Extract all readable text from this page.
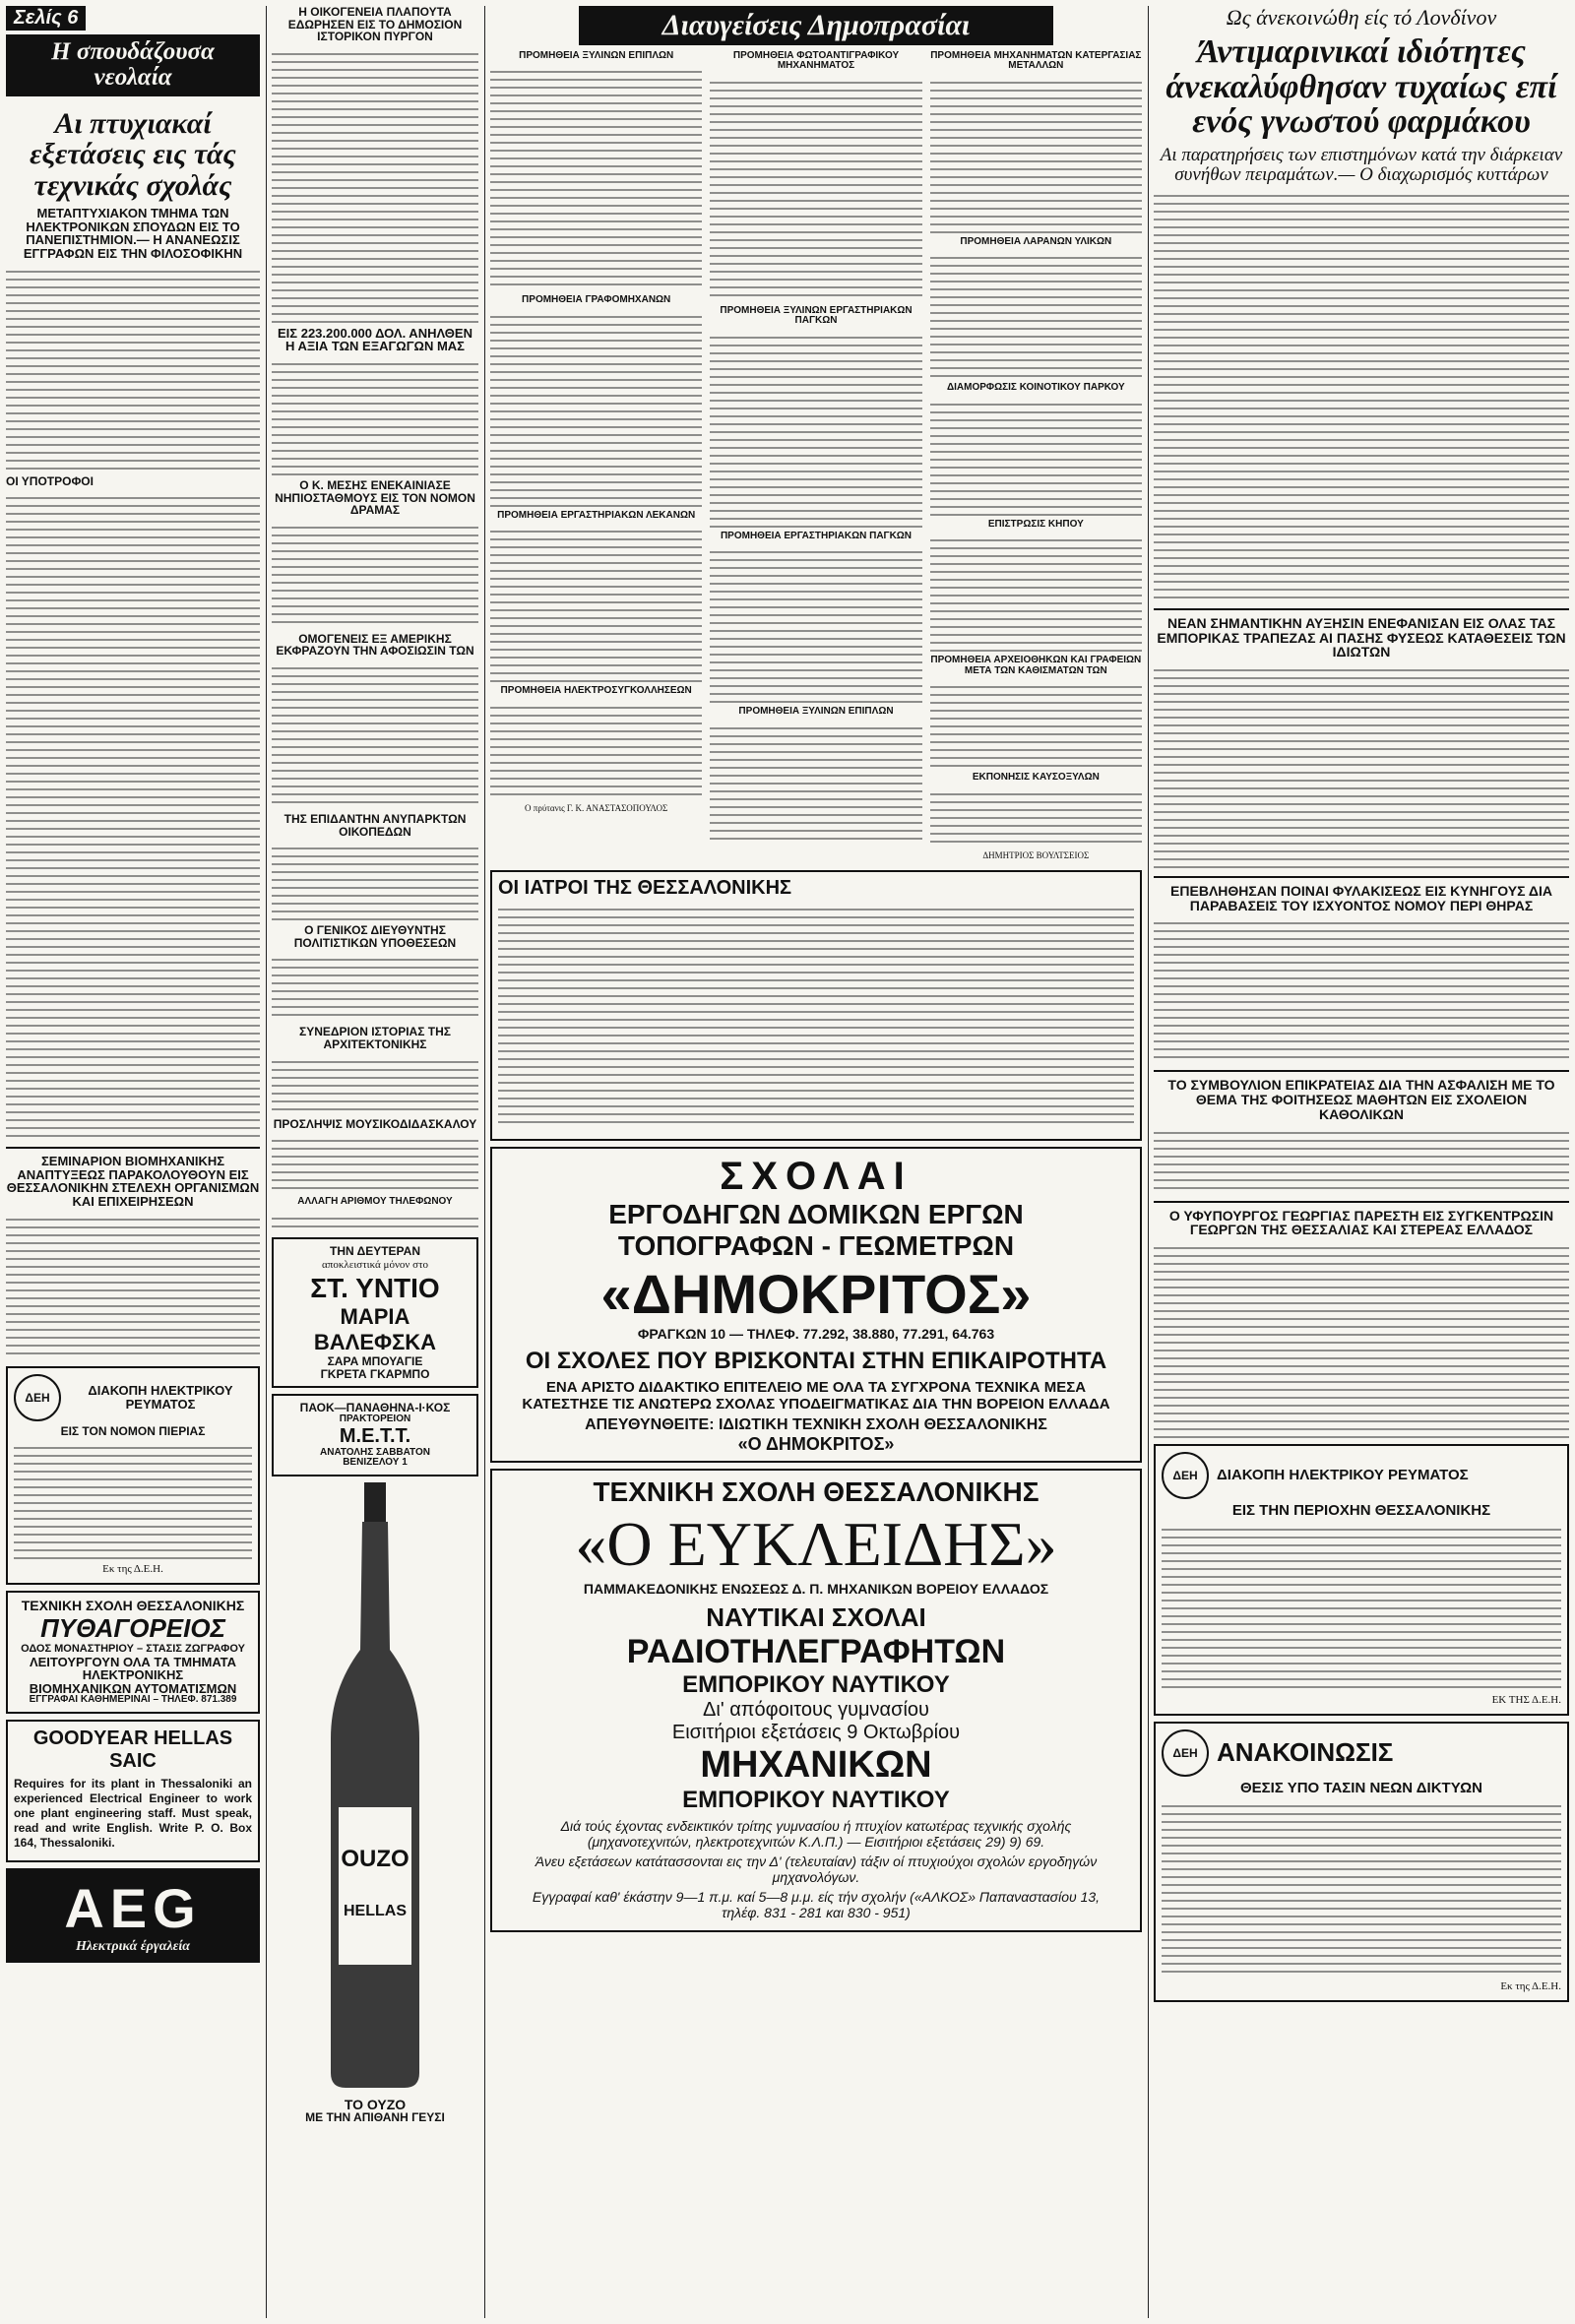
Σελίς 6
Η σπουδάζουσα νεολαία
Αι πτυχιακαί εξετάσεις εις τάς τεχνικάς σχολάς
ΜΕΤΑΠΤΥΧΙΑΚΟΝ ΤΜΗΜΑ ΤΩΝ ΗΛΕΚΤΡΟΝΙΚΩΝ ΣΠΟΥΔΩΝ ΕΙΣ ΤΟ ΠΑΝΕΠΙΣΤΗΜΙΟΝ.— Η ΑΝΑΝΕΩΣΙΣ ΕΓΓΡΑΦΩΝ ΕΙΣ ΤΗΝ ΦΙΛΟΣΟΦΙΚΗΝ
ΟΙ ΥΠΟΤΡΟΦΟΙ
ΣΕΜΙΝΑΡΙΟΝ ΒΙΟΜΗΧΑΝΙΚΗΣ ΑΝΑΠΤΥΞΕΩΣ ΠΑΡΑΚΟΛΟΥΘΟΥΝ ΕΙΣ ΘΕΣΣΑΛΟΝΙΚΗΝ ΣΤΕΛΕΧΗ ΟΡΓΑΝΙΣΜΩΝ ΚΑΙ ΕΠΙΧΕΙΡΗΣΕΩΝ
ΔΕΗ	ΔΙΑΚΟΠΗ ΗΛΕΚΤΡΙΚΟΥ ΡΕΥΜΑΤΟΣ
ΕΙΣ ΤΟΝ ΝΟΜΟΝ ΠΙΕΡΙΑΣ
Εκ της Δ.Ε.Η.
ΤΕΧΝΙΚΗ ΣΧΟΛΗ ΘΕΣΣΑΛΟΝΙΚΗΣ
ΠΥΘΑΓΟΡΕΙΟΣ
ΟΔΟΣ ΜΟΝΑΣΤΗΡΙΟΥ – ΣΤΑΣΙΣ ΖΩΓΡΑΦΟΥ
ΛΕΙΤΟΥΡΓΟΥΝ ΟΛΑ ΤΑ ΤΜΗΜΑΤΑ
ΗΛΕΚΤΡΟΝΙΚΗΣ
ΒΙΟΜΗΧΑΝΙΚΩΝ ΑΥΤΟΜΑΤΙΣΜΩΝ
ΕΓΓΡΑΦΑΙ ΚΑΘΗΜΕΡΙΝΑΙ – ΤΗΛΕΦ. 871.389
GOODYEAR HELLAS SAIC

Requires for its plant in Thessaloniki an experienced Electrical Engineer to work one plant engineering staff. Must speak, read and write English. Write P. O. Box 164, Thessaloniki.

AEG
Ηλεκτρικά έργαλεία
Η ΟΙΚΟΓΕΝΕΙΑ ΠΛΑΠΟΥΤΑ ΕΔΩΡΗΣΕΝ ΕΙΣ ΤΟ ΔΗΜΟΣΙΟΝ ΙΣΤΟΡΙΚΟΝ ΠΥΡΓΟΝ
ΕΙΣ 223.200.000 ΔΟΛ. ΑΝΗΛΘΕΝ Η ΑΞΙΑ ΤΩΝ ΕΞΑΓΩΓΩΝ ΜΑΣ
Ο Κ. ΜΕΣΗΣ ΕΝΕΚΑΙΝΙΑΣΕ ΝΗΠΙΟΣΤΑΘΜΟΥΣ ΕΙΣ ΤΟΝ ΝΟΜΟΝ ΔΡΑΜΑΣ
ΟΜΟΓΕΝΕΙΣ ΕΞ ΑΜΕΡΙΚΗΣ ΕΚΦΡΑΖΟΥΝ ΤΗΝ ΑΦΟΣΙΩΣΙΝ ΤΩΝ
ΤΗΣ ΕΠΙΔΑΝΤΗΝ ΑΝΥΠΑΡΚΤΩΝ ΟΙΚΟΠΕΔΩΝ
Ο ΓΕΝΙΚΟΣ ΔΙΕΥΘΥΝΤΗΣ ΠΟΛΙΤΙΣΤΙΚΩΝ ΥΠΟΘΕΣΕΩΝ
ΣΥΝΕΔΡΙΟΝ ΙΣΤΟΡΙΑΣ ΤΗΣ ΑΡΧΙΤΕΚΤΟΝΙΚΗΣ
ΠΡΟΣΛΗΨΙΣ ΜΟΥΣΙΚΟΔΙΔΑΣΚΑΛΟΥ
ΑΛΛΑΓΗ ΑΡΙΘΜΟΥ ΤΗΛΕΦΩΝΟΥ
ΤΗΝ ΔΕΥΤΕΡΑΝ
αποκλειστικά μόνον στο
ΣΤ. ΥΝΤΙΟ
ΜΑΡΙΑ ΒΑΛΕΦΣΚΑ
ΣΑΡΑ ΜΠΟΥΑΓΙΕ
ΓΚΡΕΤΑ ΓΚΑΡΜΠΟ
ΠΑΟΚ—ΠΑΝΑΘΗΝΑ-Ι·ΚΟΣ
ΠΡΑΚΤΟΡΕΙΟΝ
Μ.Ε.Τ.Τ.
ΑΝΑΤΟΛΗΣ ΣΑΒΒΑΤΟΝ
ΒΕΝΙΖΕΛΟΥ 1
OUZO
HELLAS
ΤΟ ΟΥΖΟ
ΜΕ ΤΗΝ ΑΠΙΘΑΝΗ ΓΕΥΣΙ
Διαυγείσεις Δημοπρασίαι
ΠΡΟΜΗΘΕΙΑ ΞΥΛΙΝΩΝ ΕΠΙΠΛΩΝ
ΠΡΟΜΗΘΕΙΑ ΓΡΑΦΟΜΗΧΑΝΩΝ
ΠΡΟΜΗΘΕΙΑ ΕΡΓΑΣΤΗΡΙΑΚΩΝ ΛΕΚΑΝΩΝ
ΠΡΟΜΗΘΕΙΑ ΗΛΕΚΤΡΟΣΥΓΚΟΛΛΗΣΕΩΝ
Ο πρύτανις Γ. Κ. ΑΝΑΣΤΑΣΟΠΟΥΛΟΣ
ΠΡΟΜΗΘΕΙΑ ΦΩΤΟΑΝΤΙΓΡΑΦΙΚΟΥ ΜΗΧΑΝΗΜΑΤΟΣ
ΠΡΟΜΗΘΕΙΑ ΞΥΛΙΝΩΝ ΕΡΓΑΣΤΗΡΙΑΚΩΝ ΠΑΓΚΩΝ
ΠΡΟΜΗΘΕΙΑ ΕΡΓΑΣΤΗΡΙΑΚΩΝ ΠΑΓΚΩΝ
ΠΡΟΜΗΘΕΙΑ ΞΥΛΙΝΩΝ ΕΠΙΠΛΩΝ
ΠΡΟΜΗΘΕΙΑ ΜΗΧΑΝΗΜΑΤΩΝ ΚΑΤΕΡΓΑΣΙΑΣ ΜΕΤΑΛΛΩΝ
ΠΡΟΜΗΘΕΙΑ ΛΑΡΑΝΩΝ ΥΛΙΚΩΝ
ΔΙΑΜΟΡΦΩΣΙΣ ΚΟΙΝΟΤΙΚΟΥ ΠΑΡΚΟΥ
ΕΠΙΣΤΡΩΣΙΣ ΚΗΠΟΥ
ΠΡΟΜΗΘΕΙΑ ΑΡΧΕΙΟΘΗΚΩΝ ΚΑΙ ΓΡΑΦΕΙΩΝ ΜΕΤΑ ΤΩΝ ΚΑΘΙΣΜΑΤΩΝ ΤΩΝ
ΕΚΠΟΝΗΣΙΣ ΚΑΥΣΟΞΥΛΩΝ
ΔΗΜΗΤΡΙΟΣ ΒΟΥΛΤΣΕΙΟΣ
ΟΙ ΙΑΤΡΟΙ ΤΗΣ ΘΕΣΣΑΛΟΝΙΚΗΣ
ΣΧΟΛΑΙ
ΕΡΓΟΔΗΓΩΝ ΔΟΜΙΚΩΝ ΕΡΓΩΝ
ΤΟΠΟΓΡΑΦΩΝ - ΓΕΩΜΕΤΡΩΝ
«ΔΗΜΟΚΡΙΤΟΣ»
ΦΡΑΓΚΩΝ 10 — ΤΗΛΕΦ. 77.292, 38.880, 77.291, 64.763
ΟΙ ΣΧΟΛΕΣ ΠΟΥ ΒΡΙΣΚΟΝΤΑΙ ΣΤΗΝ ΕΠΙΚΑΙΡΟΤΗΤΑ
ΕΝΑ ΑΡΙΣΤΟ ΔΙΔΑΚΤΙΚΟ ΕΠΙΤΕΛΕΙΟ ΜΕ ΟΛΑ ΤΑ ΣΥΓΧΡΟΝΑ ΤΕΧΝΙΚΑ ΜΕΣΑ ΚΑΤΕΣΤΗΣΕ ΤΙΣ ΑΝΩΤΕΡΩ ΣΧΟΛΑΣ ΥΠΟΔΕΙΓΜΑΤΙΚΑΣ ΔΙΑ ΤΗΝ ΒΟΡΕΙΟΝ ΕΛΛΑΔΑ
ΑΠΕΥΘΥΝΘΕΙΤΕ: ΙΔΙΩΤΙΚΗ ΤΕΧΝΙΚΗ ΣΧΟΛΗ ΘΕΣΣΑΛΟΝΙΚΗΣ
«Ο ΔΗΜΟΚΡΙΤΟΣ»
ΤΕΧΝΙΚΗ ΣΧΟΛΗ ΘΕΣΣΑΛΟΝΙΚΗΣ
«Ο ΕΥΚΛΕΙΔΗΣ»
ΠΑΜΜΑΚΕΔΟΝΙΚΗΣ ΕΝΩΣΕΩΣ Δ. Π. ΜΗΧΑΝΙΚΩΝ ΒΟΡΕΙΟΥ ΕΛΛΑΔΟΣ
ΝΑΥΤΙΚΑΙ ΣΧΟΛΑΙ
ΡΑΔΙΟΤΗΛΕΓΡΑΦΗΤΩΝ
ΕΜΠΟΡΙΚΟΥ ΝΑΥΤΙΚΟΥ
Δι' απόφοιτους γυμνασίου
Εισιτήριοι εξετάσεις 9 Οκτωβρίου
ΜΗΧΑΝΙΚΩΝ
ΕΜΠΟΡΙΚΟΥ ΝΑΥΤΙΚΟΥ
Διά τούς έχοντας ενδεικτικόν τρίτης γυμνασίου ή πτυχίον κατωτέρας τεχνικής σχολής (μηχανοτεχνιτών, ηλεκτροτεχνιτών Κ.Λ.Π.) — Εισιτήριοι εξετάσεις 29) 9) 69.
Άνευ εξετάσεων κατάτασσονται εις την Δ' (τελευταίαν) τάξιν οί πτυχιούχοι σχολών εργοδηγών μηχανολόγων.
Εγγραφαί καθ' έκάστην 9—1 π.μ. καί 5—8 μ.μ. είς τήν σχολήν («ΑΛΚΟΣ» Παπαναστασίου 13, τηλέφ. 831 - 281 και 830 - 951)
Ως άνεκοινώθη είς τό Λονδίνον
Άντιμαρινικαί ιδιότητες άνεκαλύφθησαν τυχαίως επί ενός γνωστού φαρμάκου
Αι παρατηρήσεις των επιστημόνων κατά την διάρκειαν συνήθων πειραμάτων.— Ο διαχωρισμός κυττάρων
ΝΕΑΝ ΣΗΜΑΝΤΙΚΗΝ ΑΥΞΗΣΙΝ ΕΝΕΦΑΝΙΣΑΝ ΕΙΣ ΟΛΑΣ ΤΑΣ ΕΜΠΟΡΙΚΑΣ ΤΡΑΠΕΖΑΣ ΑΙ ΠΑΣΗΣ ΦΥΣΕΩΣ ΚΑΤΑΘΕΣΕΙΣ ΤΩΝ ΙΔΙΩΤΩΝ
ΕΠΕΒΛΗΘΗΣΑΝ ΠΟΙΝΑΙ ΦΥΛΑΚΙΣΕΩΣ ΕΙΣ ΚΥΝΗΓΟΥΣ ΔΙΑ ΠΑΡΑΒΑΣΕΙΣ ΤΟΥ ΙΣΧΥΟΝΤΟΣ ΝΟΜΟΥ ΠΕΡΙ ΘΗΡΑΣ
ΤΟ ΣΥΜΒΟΥΛΙΟΝ ΕΠΙΚΡΑΤΕΙΑΣ ΔΙΑ ΤΗΝ ΑΣΦΑΛΙΣΗ ΜΕ ΤΟ ΘΕΜΑ ΤΗΣ ΦΟΙΤΗΣΕΩΣ ΜΑΘΗΤΩΝ ΕΙΣ ΣΧΟΛΕΙΟΝ ΚΑΘΟΛΙΚΩΝ
Ο ΥΦΥΠΟΥΡΓΟΣ ΓΕΩΡΓΙΑΣ ΠΑΡΕΣΤΗ ΕΙΣ ΣΥΓΚΕΝΤΡΩΣΙΝ ΓΕΩΡΓΩΝ ΤΗΣ ΘΕΣΣΑΛΙΑΣ ΚΑΙ ΣΤΕΡΕΑΣ ΕΛΛΑΔΟΣ
ΔΕΗ	ΔΙΑΚΟΠΗ ΗΛΕΚΤΡΙΚΟΥ ΡΕΥΜΑΤΟΣ
ΕΙΣ ΤΗΝ ΠΕΡΙΟΧΗΝ ΘΕΣΣΑΛΟΝΙΚΗΣ
ΕΚ ΤΗΣ Δ.Ε.Η.
ΔΕΗ ΑΝΑΚΟΙΝΩΣΙΣ
ΘΕΣΙΣ ΥΠΟ ΤΑΣΙΝ ΝΕΩΝ ΔΙΚΤΥΩΝ
Εκ της Δ.Ε.Η.
